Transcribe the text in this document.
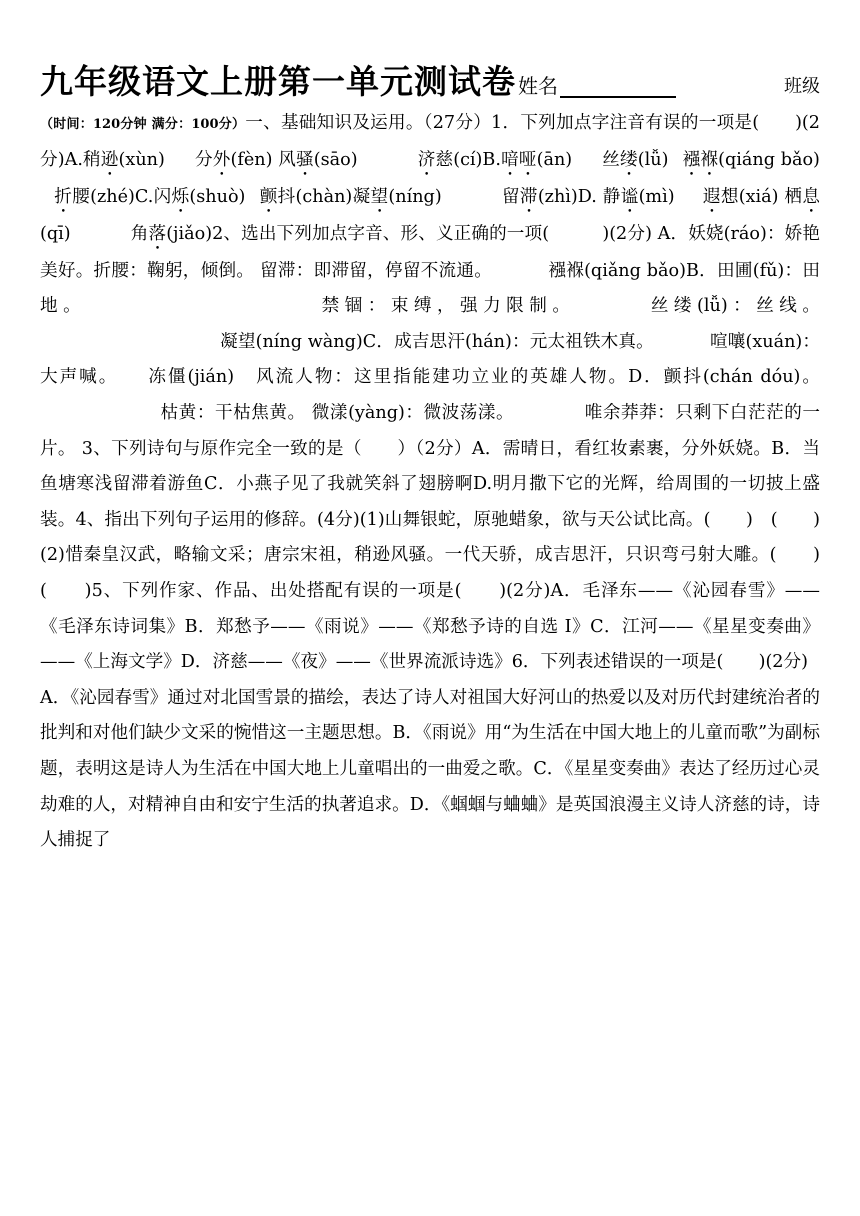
九年级语文上册第一单元测试卷 姓名	班级
（时间：120分钟 满分：100分）一、基础知识及运用。（27分）1．下列加点字注音有误的一项是(　　)(2分)A.稍逊(xùn) 分外(fèn) 风骚(sāo)	济慈(cí)B.喑哑(ān) 丝缕(lǚ) 襁褓(qiáng bǎo)折腰(zhé)C.闪烁(shuò) 颤抖(chàn)凝望(níng)	留滞(zhì)D. 静谧(mì) 遐想(xiá) 栖息(qī)	角落(jiǎo)2、选出下列加点字音、形、义正确的一项(　　　)(2分) A．妖娆(ráo)：娇艳美好。折腰：鞠躬，倾倒。 留滞：即滞留，停留不流通。	襁褓(qiǎng bǎo)B．田圃(fǔ)：田地。	禁锢：束缚，强力限制。	丝缕(lǚ)：丝线。凝望(níng wàng)C．成吉思汗(hán)：元太祖铁木真。	喧嚷(xuán)：大声喊。 冻僵(jián) 风流人物：这里指能建功立业的英雄人物。D．颤抖(chán dóu)。枯黄：干枯焦黄。 微漾(yàng)：微波荡漾。	唯余莽莽：只剩下白茫茫的一片。 3、下列诗句与原作完全一致的是（　　）（2分）A．需晴日，看红妆素裹，分外妖娆。B．当鱼塘寒浅留滞着游鱼C．小燕子见了我就笑斜了翅膀啊D.明月撒下它的光辉，给周围的一切披上盛装。4、指出下列句子运用的修辞。(4分)(1)山舞银蛇，原驰蜡象，欲与天公试比高。(　　)　(　　)(2)惜秦皇汉武，略输文采；唐宗宋祖，稍逊风骚。一代天骄，成吉思汗，只识弯弓射大雕。(　　)　　(　　)5、下列作家、作品、出处搭配有误的一项是(　　)(2分)A．毛泽东——《沁园春雪》——《毛泽东诗词集》B．郑愁予——《雨说》——《郑愁予诗的自选 I》C．江河——《星星变奏曲》——《上海文学》D．济慈——《夜》——《世界流派诗选》6．下列表述错误的一项是(　　)(2分)A．《沁园春雪》通过对北国雪景的描绘，表达了诗人对祖国大好河山的热爱以及对历代封建统治者的批判和对他们缺少文采的惋惜这一主题思想。B．《雨说》用“为生活在中国大地上的儿童而歌”为副标题，表明这是诗人为生活在中国大地上儿童唱出的一曲爱之歌。C．《星星变奏曲》表达了经历过心灵劫难的人，对精神自由和安宁生活的执著追求。D．《蝈蝈与蛐蛐》是英国浪漫主义诗人济慈的诗，诗人捕捉了
